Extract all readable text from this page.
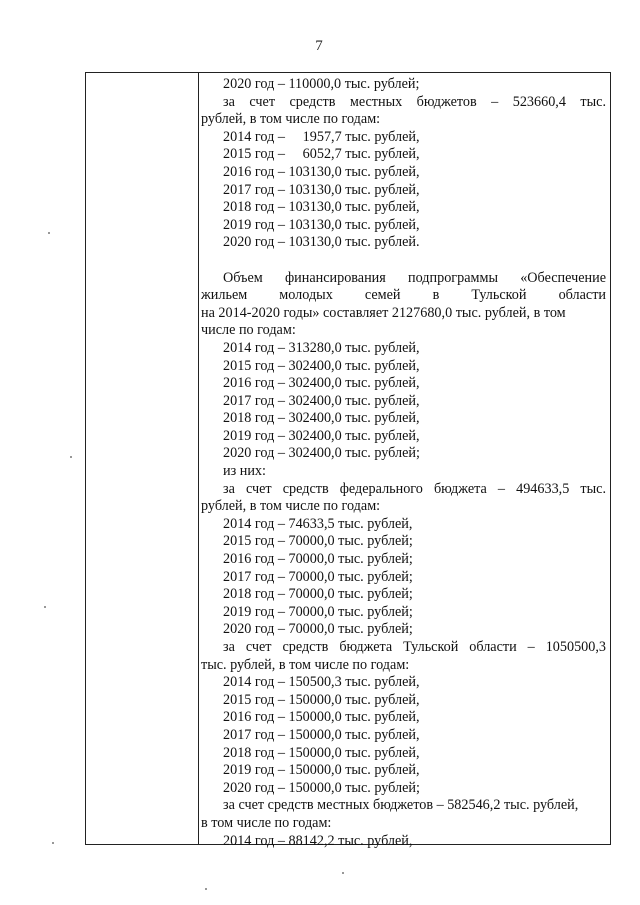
7
2020 год – 110000,0 тыс. рублей;
за счет средств местных бюджетов – 523660,4 тыс.
рублей, в том числе по годам:
2014 год –     1957,7 тыс. рублей,
2015 год –     6052,7 тыс. рублей,
2016 год – 103130,0 тыс. рублей,
2017 год – 103130,0 тыс. рублей,
2018 год – 103130,0 тыс. рублей,
2019 год – 103130,0 тыс. рублей,
2020 год – 103130,0 тыс. рублей.
Объем финансирования подпрограммы «Обеспечение
жильем молодых семей в Тульской области
на 2014-2020 годы» составляет 2127680,0 тыс. рублей, в том
числе по годам:
2014 год – 313280,0 тыс. рублей,
2015 год – 302400,0 тыс. рублей,
2016 год – 302400,0 тыс. рублей,
2017 год – 302400,0 тыс. рублей,
2018 год – 302400,0 тыс. рублей,
2019 год – 302400,0 тыс. рублей,
2020 год – 302400,0 тыс. рублей;
из них:
за счет средств федерального бюджета – 494633,5 тыс.
рублей, в том числе по годам:
2014 год – 74633,5 тыс. рублей,
2015 год – 70000,0 тыс. рублей;
2016 год – 70000,0 тыс. рублей;
2017 год – 70000,0 тыс. рублей;
2018 год – 70000,0 тыс. рублей;
2019 год – 70000,0 тыс. рублей;
2020 год – 70000,0 тыс. рублей;
за счет средств бюджета Тульской области – 1050500,3
тыс. рублей, в том числе по годам:
2014 год – 150500,3 тыс. рублей,
2015 год – 150000,0 тыс. рублей,
2016 год – 150000,0 тыс. рублей,
2017 год – 150000,0 тыс. рублей,
2018 год – 150000,0 тыс. рублей,
2019 год – 150000,0 тыс. рублей,
2020 год – 150000,0 тыс. рублей;
за счет средств местных бюджетов – 582546,2 тыс. рублей,
в том числе по годам:
2014 год – 88142,2 тыс. рублей,
